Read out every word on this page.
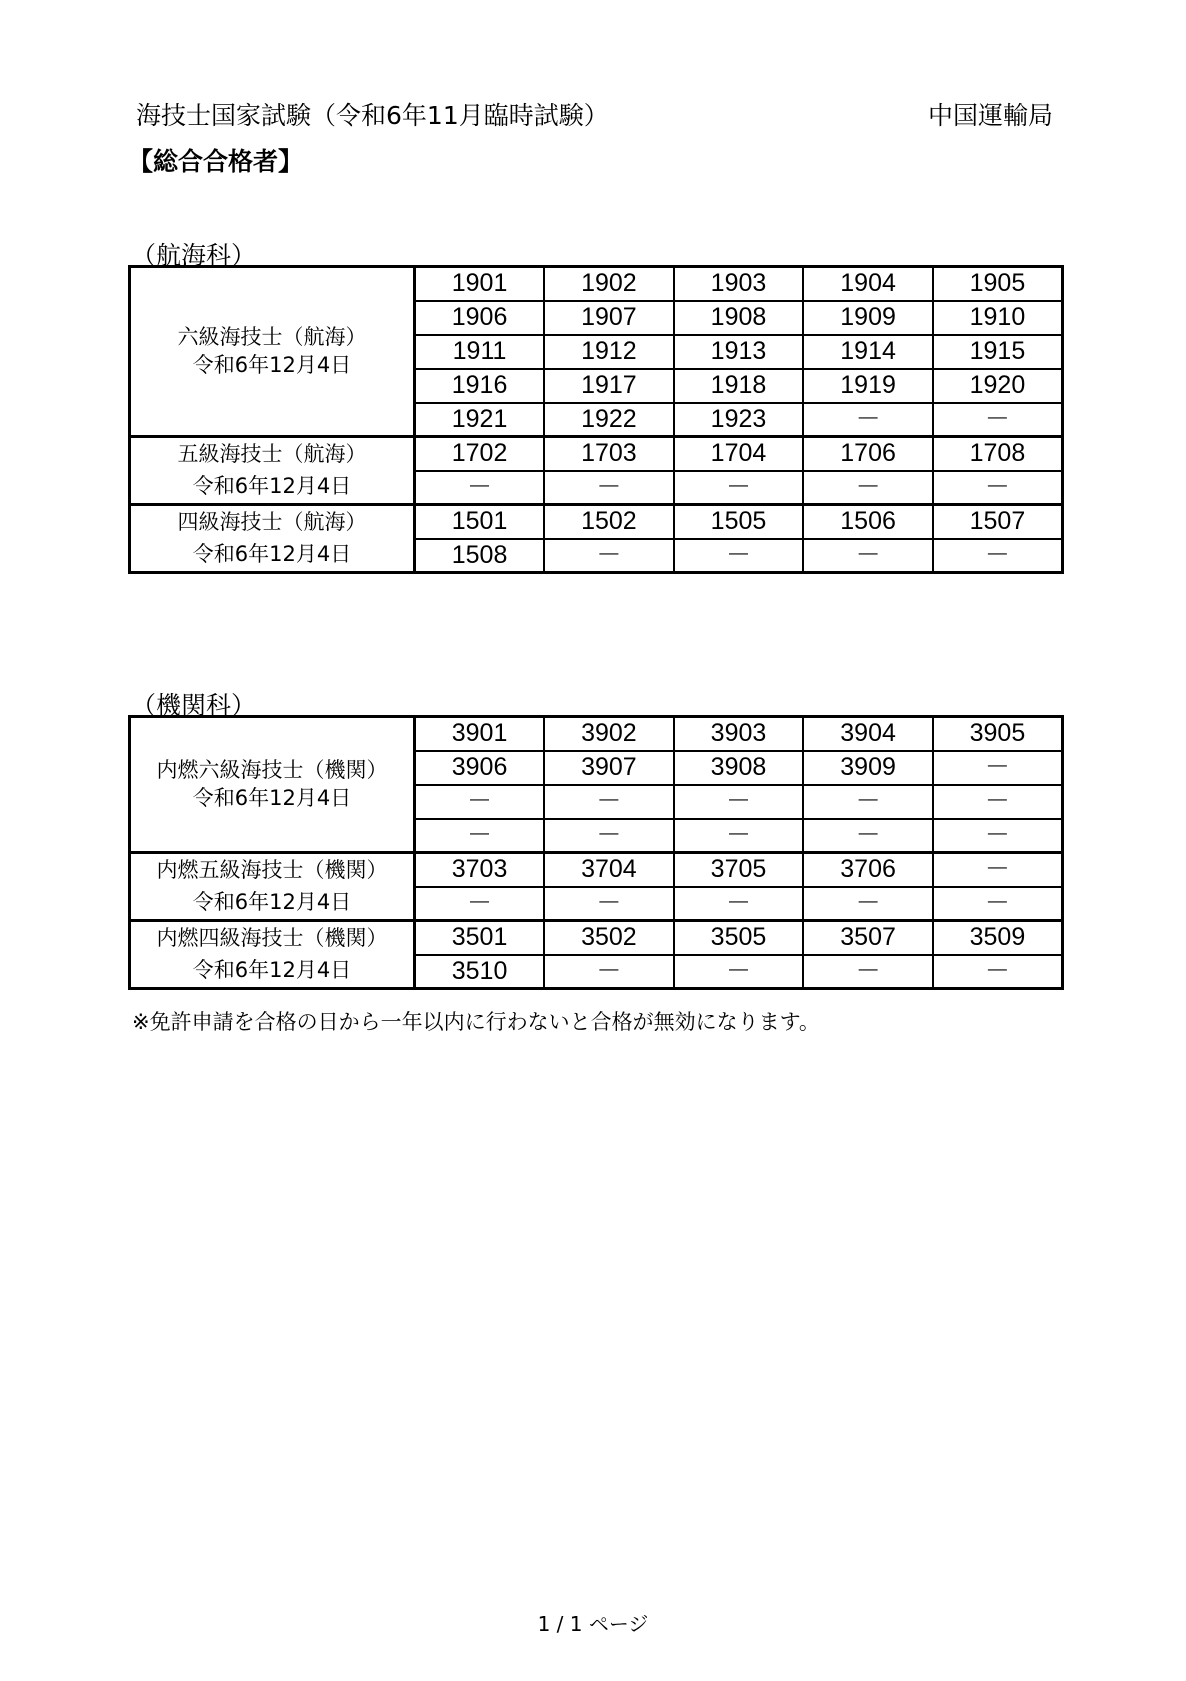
海技士国家試験（令和6年11月臨時試験）	中国運輸局
【総合合格者】
（航海科）
六級海技士（航海）
令和6年12月4日	1901	1902	1903	1904	1905
	1906	1907	1908	1909	1910
	1911	1912	1913	1914	1915
	1916	1917	1918	1919	1920
	1921	1922	1923	－	－
五級海技士（航海）	1702	1703	1704	1706	1708
令和6年12月4日	－	－	－	－	－
四級海技士（航海）	1501	1502	1505	1506	1507
令和6年12月4日	1508	－	－	－	－
（機関科）
内燃六級海技士（機関）
令和6年12月4日	3901	3902	3903	3904	3905
	3906	3907	3908	3909	－
	－	－	－	－	－
	－	－	－	－	－
内燃五級海技士（機関）	3703	3704	3705	3706	－
令和6年12月4日	－	－	－	－	－
内燃四級海技士（機関）	3501	3502	3505	3507	3509
令和6年12月4日	3510	－	－	－	－
※免許申請を合格の日から一年以内に行わないと合格が無効になります。
1 / 1 ページ
